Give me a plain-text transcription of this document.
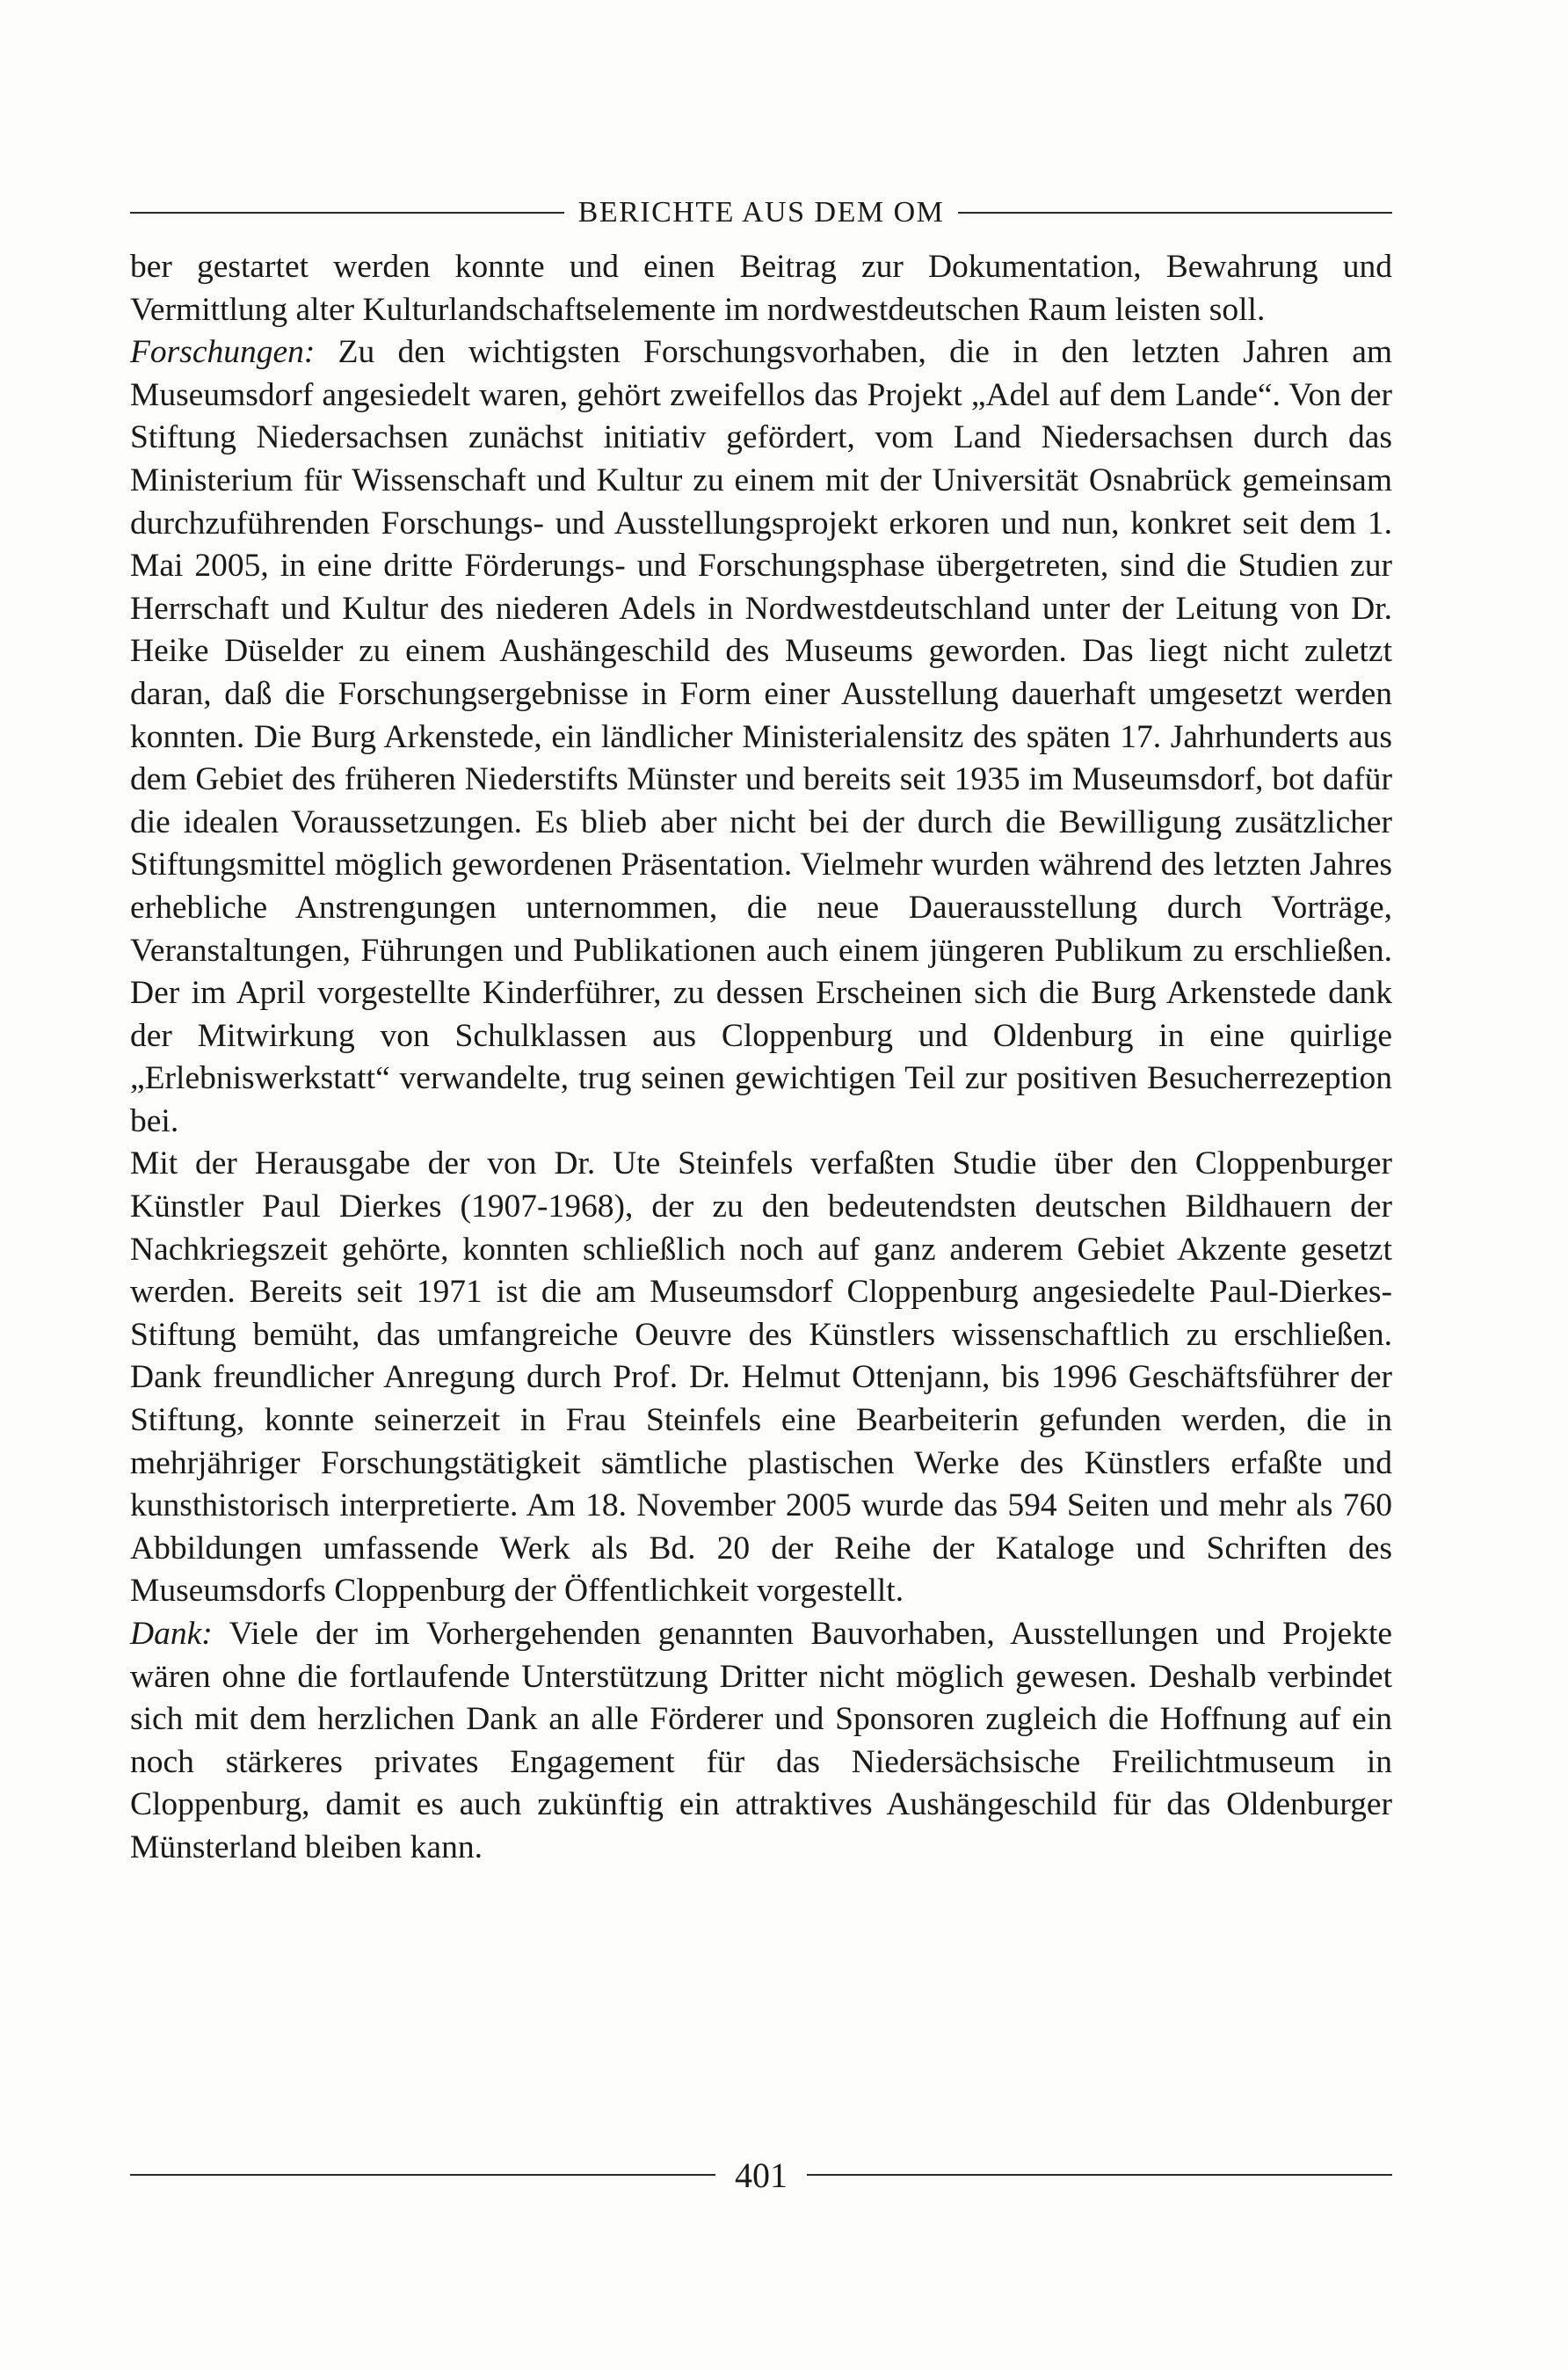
BERICHTE AUS DEM OM

ber gestartet werden konnte und einen Beitrag zur Dokumentation, Bewahrung und Vermittlung alter Kulturlandschaftselemente im nordwestdeutschen Raum leisten soll.

Forschungen: Zu den wichtigsten Forschungsvorhaben, die in den letzten Jahren am Museumsdorf angesiedelt waren, gehört zweifellos das Projekt „Adel auf dem Lande“. Von der Stiftung Niedersachsen zunächst initiativ gefördert, vom Land Niedersachsen durch das Ministerium für Wissenschaft und Kultur zu einem mit der Universität Osnabrück gemeinsam durchzuführenden Forschungs- und Ausstellungsprojekt erkoren und nun, konkret seit dem 1. Mai 2005, in eine dritte Förderungs- und Forschungsphase übergetreten, sind die Studien zur Herrschaft und Kultur des niederen Adels in Nordwestdeutschland unter der Leitung von Dr. Heike Düselder zu einem Aushängeschild des Museums geworden. Das liegt nicht zuletzt daran, daß die Forschungsergebnisse in Form einer Ausstellung dauerhaft umgesetzt werden konnten. Die Burg Arkenstede, ein ländlicher Ministerialensitz des späten 17. Jahrhunderts aus dem Gebiet des früheren Niederstifts Münster und bereits seit 1935 im Museumsdorf, bot dafür die idealen Voraussetzungen. Es blieb aber nicht bei der durch die Bewilligung zusätzlicher Stiftungsmittel möglich gewordenen Präsentation. Vielmehr wurden während des letzten Jahres erhebliche Anstrengungen unternommen, die neue Dauerausstellung durch Vorträge, Veranstaltungen, Führungen und Publikationen auch einem jüngeren Publikum zu erschließen. Der im April vorgestellte Kinderführer, zu dessen Erscheinen sich die Burg Arkenstede dank der Mitwirkung von Schulklassen aus Cloppenburg und Oldenburg in eine quirlige „Erlebniswerkstatt“ verwandelte, trug seinen gewichtigen Teil zur positiven Besucherrezeption bei.

Mit der Herausgabe der von Dr. Ute Steinfels verfaßten Studie über den Cloppenburger Künstler Paul Dierkes (1907-1968), der zu den bedeutendsten deutschen Bildhauern der Nachkriegszeit gehörte, konnten schließlich noch auf ganz anderem Gebiet Akzente gesetzt werden. Bereits seit 1971 ist die am Museumsdorf Cloppenburg angesiedelte Paul-Dierkes-Stiftung bemüht, das umfangreiche Oeuvre des Künstlers wissenschaftlich zu erschließen. Dank freundlicher Anregung durch Prof. Dr. Helmut Ottenjann, bis 1996 Geschäftsführer der Stiftung, konnte seinerzeit in Frau Steinfels eine Bearbeiterin gefunden werden, die in mehrjähriger Forschungstätigkeit sämtliche plastischen Werke des Künstlers erfaßte und kunsthistorisch interpretierte. Am 18. November 2005 wurde das 594 Seiten und mehr als 760 Abbildungen umfassende Werk als Bd. 20 der Reihe der Kataloge und Schriften des Museumsdorfs Cloppenburg der Öffentlichkeit vorgestellt.

Dank: Viele der im Vorhergehenden genannten Bauvorhaben, Ausstellungen und Projekte wären ohne die fortlaufende Unterstützung Dritter nicht möglich gewesen. Deshalb verbindet sich mit dem herzlichen Dank an alle Förderer und Sponsoren zugleich die Hoffnung auf ein noch stärkeres privates Engagement für das Niedersächsische Freilichtmuseum in Cloppenburg, damit es auch zukünftig ein attraktives Aushängeschild für das Oldenburger Münsterland bleiben kann.

401
